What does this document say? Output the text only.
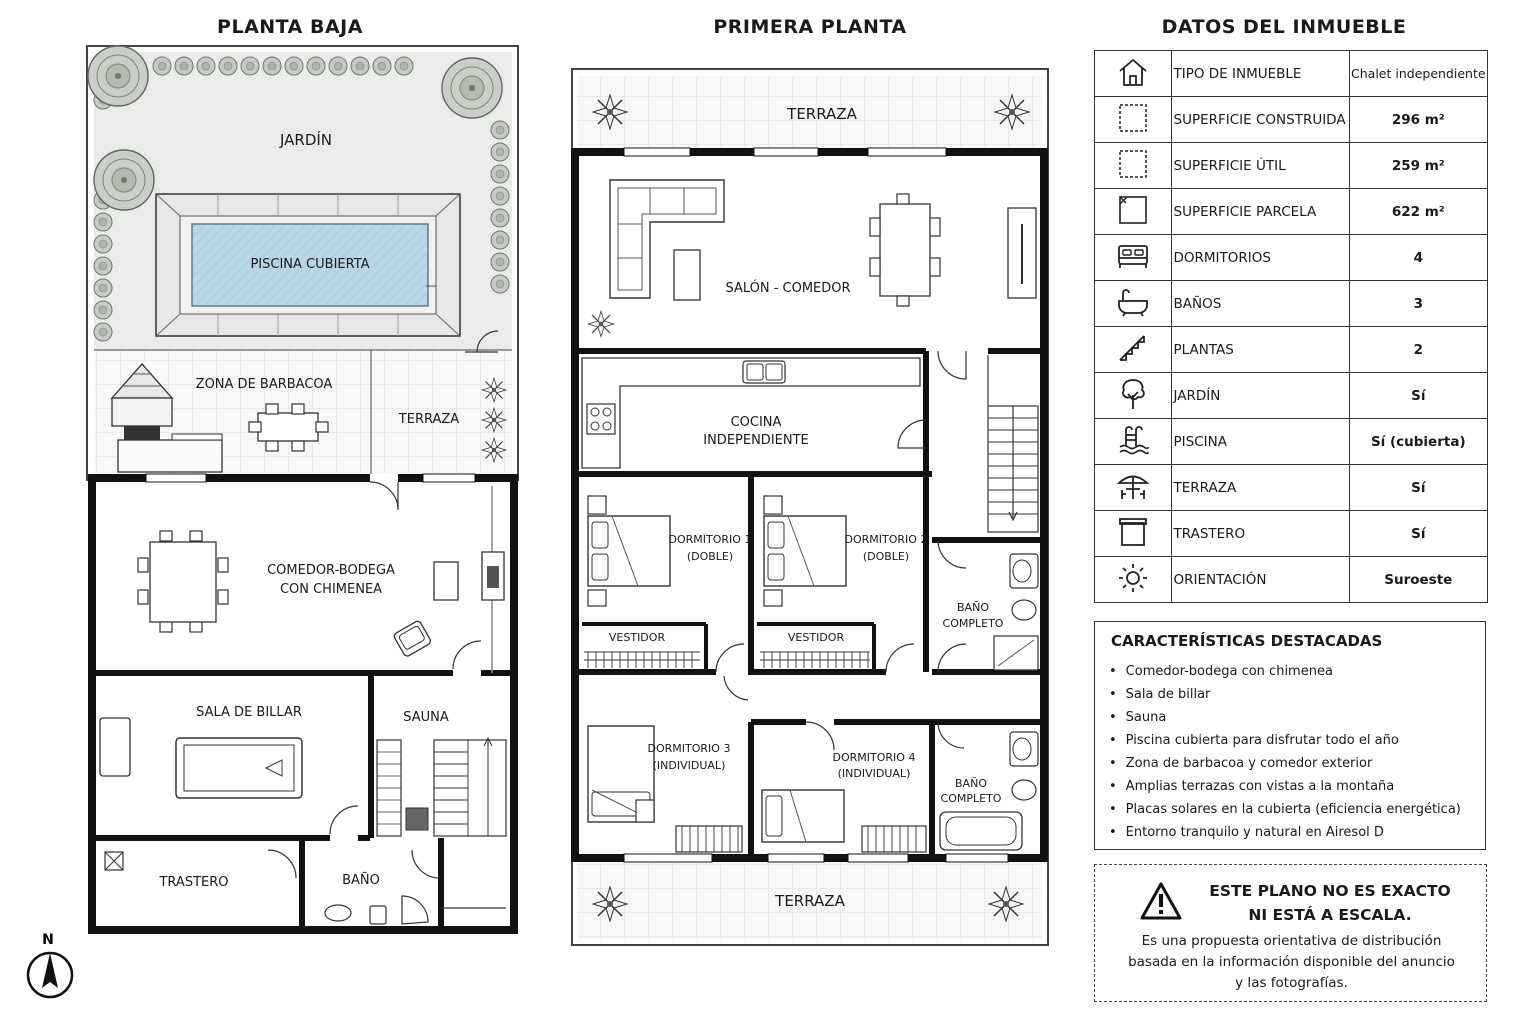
PLANTA BAJA	PRIMERA PLANTA	DATOS DEL INMUEBLE
JARDÍN
PISCINA CUBIERTA
ZONA DE BARBACOA
TERRAZA
COMEDOR-BODEGA
CON CHIMENEA
SALA DE BILLAR	SAUNA
TRASTERO	BAÑO
TERRAZA
SALÓN - COMEDOR
COCINA
INDEPENDIENTE
DORMITORIO 1
(DOBLE)
DORMITORIO 2
(DOBLE)
VESTIDOR	VESTIDOR
BAÑO
COMPLETO
DORMITORIO 3
(INDIVIDUAL)
DORMITORIO 4
(INDIVIDUAL)
BAÑO
COMPLETO
TERRAZA
N
	TIPO DE INMUEBLE	Chalet independiente
	SUPERFICIE CONSTRUIDA	296 m²
	SUPERFICIE ÚTIL	259 m²
	SUPERFICIE PARCELA	622 m²
	DORMITORIOS	4
	BAÑOS	3
	PLANTAS	2
	JARDÍN	Sí
	PISCINA	Sí (cubierta)
	TERRAZA	Sí
	TRASTERO	Sí
	ORIENTACIÓN	Suroeste
CARACTERÍSTICAS DESTACADAS
• Comedor-bodega con chimenea
• Sala de billar
• Sauna
• Piscina cubierta para disfrutar todo el año
• Zona de barbacoa y comedor exterior
• Amplias terrazas con vistas a la montaña
• Placas solares en la cubierta (eficiencia energética)
• Entorno tranquilo y natural en Airesol D
ESTE PLANO NO ES EXACTO
NI ESTÁ A ESCALA.
Es una propuesta orientativa de distribución
basada en la información disponible del anuncio
y las fotografías.
